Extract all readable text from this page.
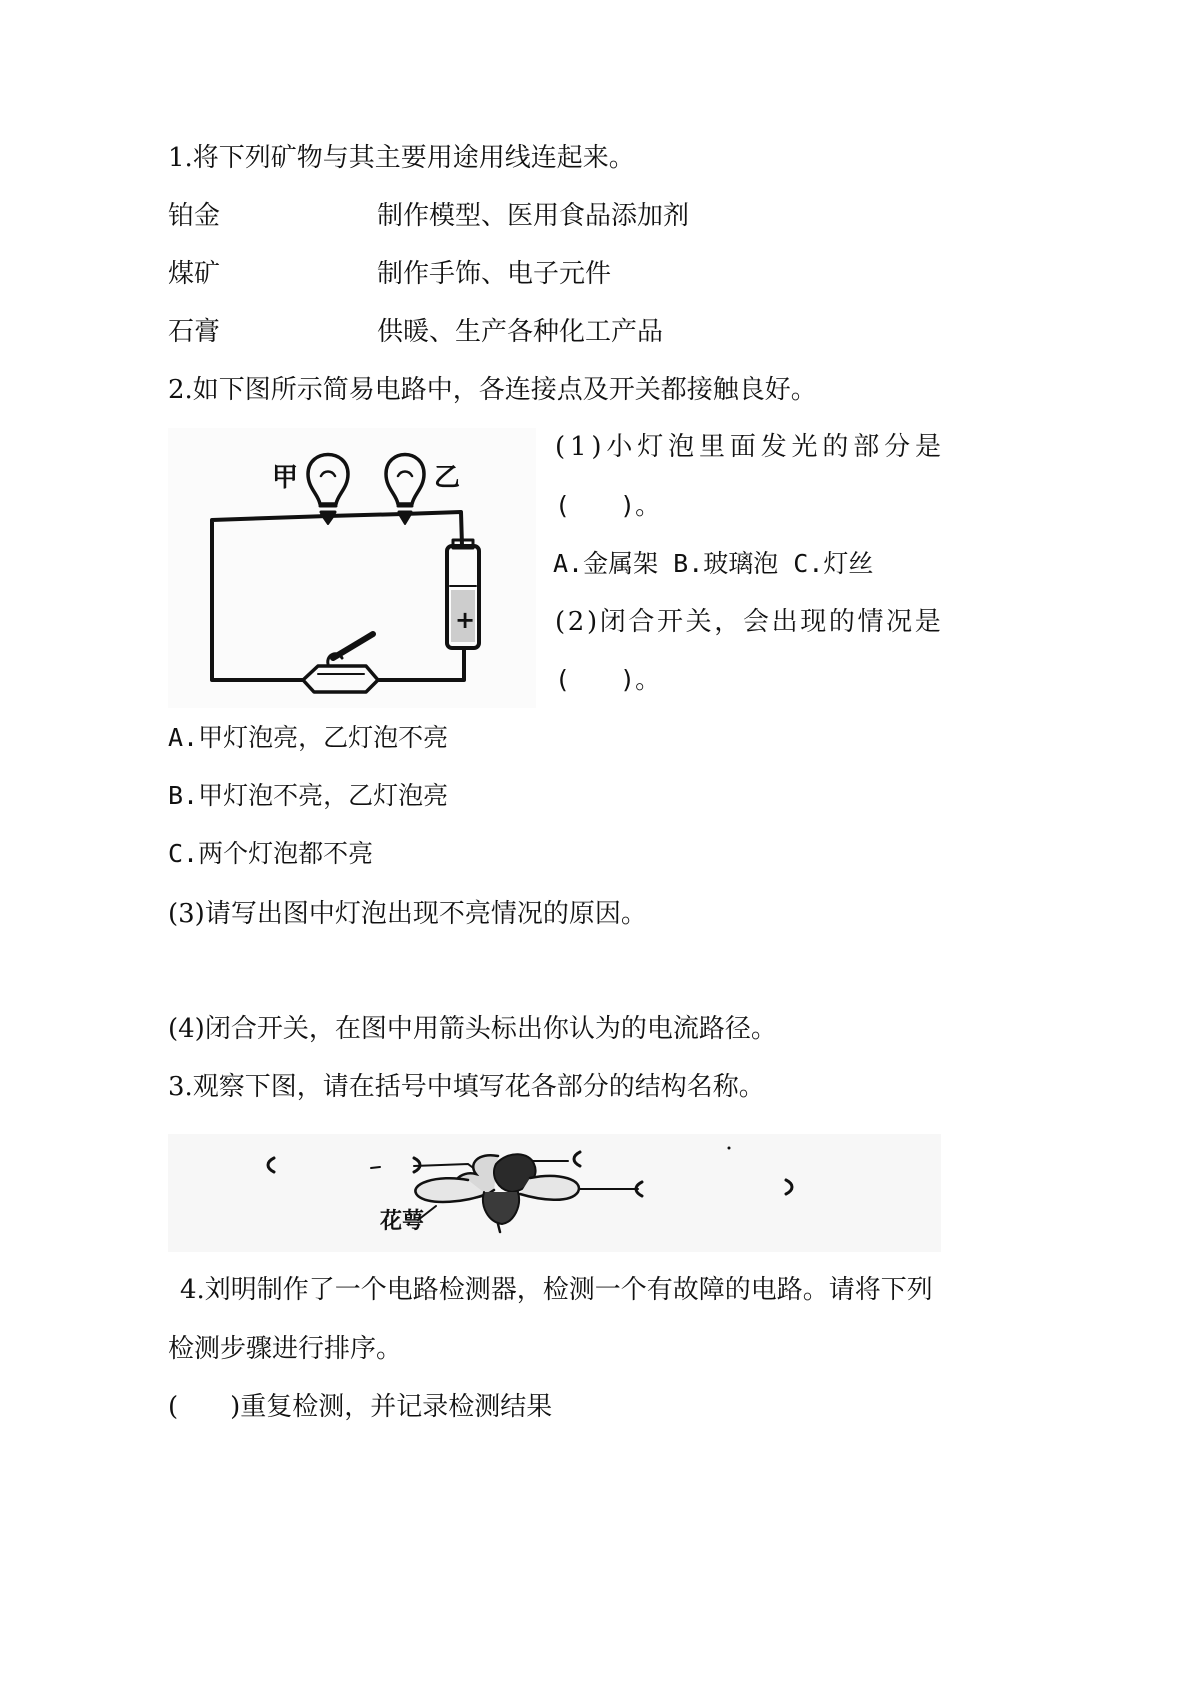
1.将下列矿物与其主要用途用线连起来。
铂金	制作模型、医用食品添加剂
煤矿	制作手饰、电子元件
石膏	供暖、生产各种化工产品
2.如下图所示简易电路中，各连接点及开关都接触良好。
甲	乙
+
( 1 ) 小 灯 泡 里 面 发 光 的 部 分 是
(　　)。
A.金属架 B.玻璃泡 C.灯丝
( 2 ) 闭 合 开 关 ， 会 出 现 的 情 况 是
(　　)。
A.甲灯泡亮，乙灯泡不亮
B.甲灯泡不亮，乙灯泡亮
C.两个灯泡都不亮
(3)请写出图中灯泡出现不亮情况的原因。
(4)闭合开关，在图中用箭头标出你认为的电流路径。
3.观察下图，请在括号中填写花各部分的结构名称。
花萼
4.刘明制作了一个电路检测器，检测一个有故障的电路。请将下列
检测步骤进行排序。
(　　)重复检测，并记录检测结果
